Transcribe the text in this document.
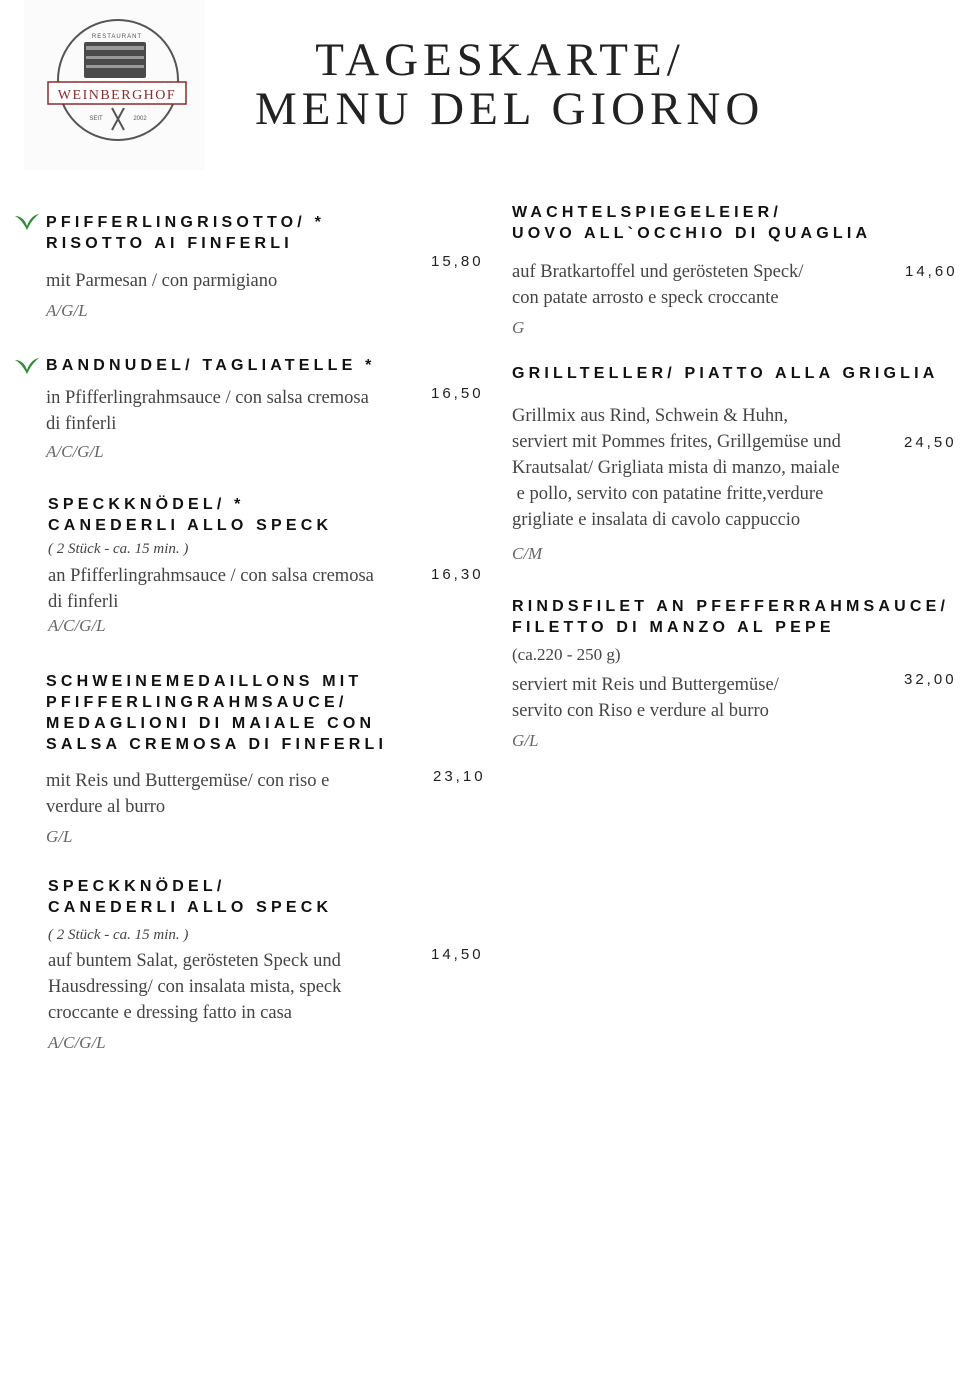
RESTAURANT
WEINBERGHOF
SEIT	2002
TAGESKARTE/
MENU DEL GIORNO
PFIFFERLINGRISOTTO/ *
RISOTTO AI FINFERLI
mit Parmesan / con parmigiano
A/G/L
15,80
BANDNUDEL/ TAGLIATELLE *
in Pfifferlingrahmsauce / con salsa cremosa
di finferli
A/C/G/L
16,50
SPECKKNÖDEL/ *
CANEDERLI ALLO SPECK
( 2 Stück - ca. 15 min. )
an Pfifferlingrahmsauce / con salsa cremosa
di finferli
A/C/G/L
16,30
SCHWEINEMEDAILLONS MIT
PFIFFERLINGRAHMSAUCE/
MEDAGLIONI DI MAIALE CON
SALSA CREMOSA DI FINFERLI
mit Reis und Buttergemüse/ con riso e
verdure al burro
G/L
23,10
SPECKKNÖDEL/
CANEDERLI ALLO SPECK
( 2 Stück - ca. 15 min. )
auf buntem Salat, gerösteten Speck und
Hausdressing/ con insalata mista, speck
croccante e dressing fatto in casa
A/C/G/L
14,50
WACHTELSPIEGELEIER/
UOVO ALL`OCCHIO DI QUAGLIA
auf Bratkartoffel und gerösteten Speck/
con patate arrosto e speck croccante
G
14,60
GRILLTELLER/ PIATTO ALLA GRIGLIA
Grillmix aus Rind, Schwein & Huhn,
serviert mit Pommes frites, Grillgemüse und
Krautsalat/ Grigliata mista di manzo, maiale
e pollo, servito con patatine fritte,verdure
grigliate e insalata di cavolo cappuccio
C/M
24,50
RINDSFILET AN PFEFFERRAHMSAUCE/
FILETTO DI MANZO AL PEPE
(ca.220 - 250 g)
serviert mit Reis und Buttergemüse/
servito con Riso e verdure al burro
G/L
32,00
